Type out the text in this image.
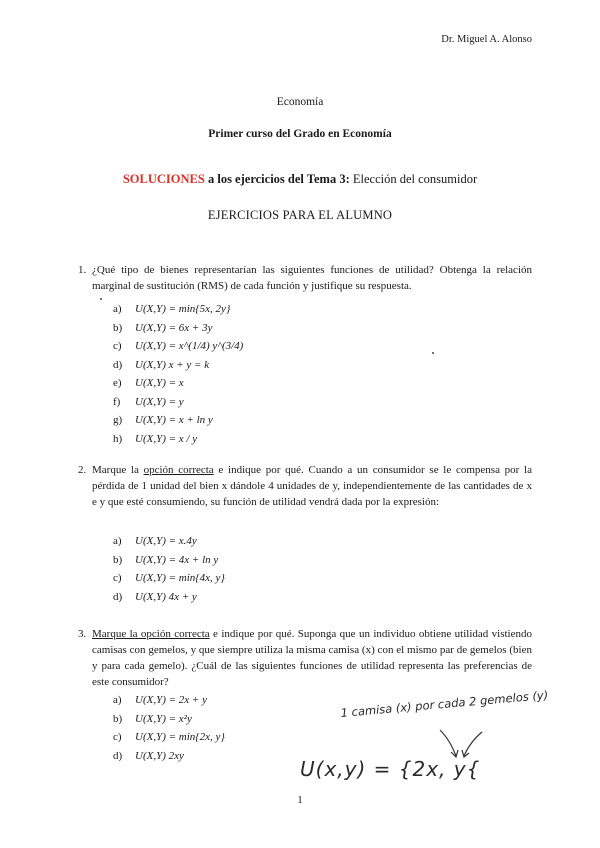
Dr. Miguel A. Alonso
Economía
Primer curso del Grado en Economía
SOLUCIONES a los ejercicios del Tema 3: Elección del consumidor
EJERCICIOS PARA EL ALUMNO
1. ¿Qué tipo de bienes representarían las siguientes funciones de utilidad? Obtenga la relación marginal de sustitución (RMS) de cada función y justifique su respuesta.
a) U(X,Y) = min{5x, 2y}
b) U(X,Y) = 6x + 3y
c) U(X,Y) = x^(1/4) y^(3/4)
d) U(X,Y) x + y = k
e) U(X,Y) = x
f) U(X,Y) = y
g) U(X,Y) = x + ln y
h) U(X,Y) = x / y
2. Marque la opción correcta e indique por qué. Cuando a un consumidor se le compensa por la pérdida de 1 unidad del bien x dándole 4 unidades de y, independientemente de las cantidades de x e y que esté consumiendo, su función de utilidad vendrá dada por la expresión:
a) U(X,Y) = x.4y
b) U(X,Y) = 4x + ln y
c) U(X,Y) = min{4x, y}
d) U(X,Y) 4x + y
3. Marque la opción correcta e indique por qué. Suponga que un individuo obtiene utilidad vistiendo camisas con gemelos, y que siempre utiliza la misma camisa (x) con el mismo par de gemelos (bien y para cada gemelo). ¿Cuál de las siguientes funciones de utilidad representa las preferencias de este consumidor?
a) U(X,Y) = 2x + y
b) U(X,Y) = x²y
c) U(X,Y) = min{2x, y}
d) U(X,Y) 2xy
1 camisa (x) por cada 2 gemelos (y)
U(x,y) = {2x, y{
1
